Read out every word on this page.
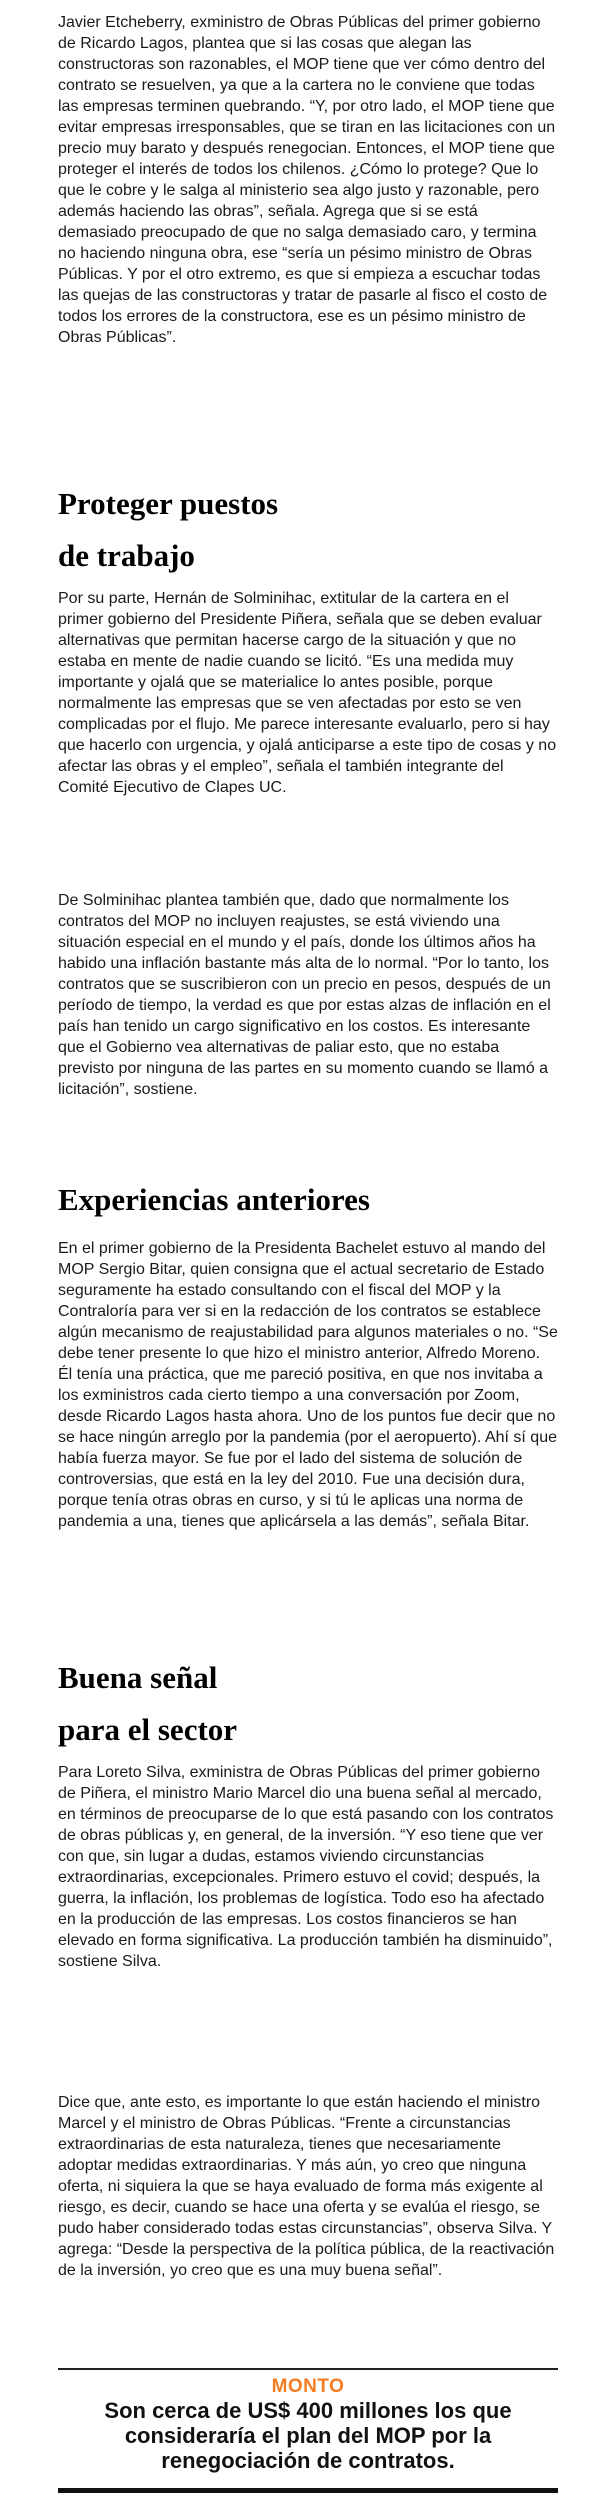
Javier Etcheberry, exministro de Obras Públicas del primer gobierno de Ricardo Lagos, plantea que si las cosas que alegan las constructoras son razonables, el MOP tiene que ver cómo dentro del contrato se resuelven, ya que a la cartera no le conviene que todas las empresas terminen quebrando. “Y, por otro lado, el MOP tiene que evitar empresas irresponsables, que se tiran en las licitaciones con un precio muy barato y después renegocian. Entonces, el MOP tiene que proteger el interés de todos los chilenos. ¿Cómo lo protege? Que lo que le cobre y le salga al ministerio sea algo justo y razonable, pero además haciendo las obras”, señala. Agrega que si se está demasiado preocupado de que no salga demasiado caro, y termina no haciendo ninguna obra, ese “sería un pésimo ministro de Obras Públicas. Y por el otro extremo, es que si empieza a escuchar todas las quejas de las constructoras y tratar de pasarle al fisco el costo de todos los errores de la constructora, ese es un pésimo ministro de Obras Públicas”.

Proteger puestos
de trabajo

Por su parte, Hernán de Solminihac, extitular de la cartera en el primer gobierno del Presidente Piñera, señala que se deben evaluar alternativas que permitan hacerse cargo de la situación y que no estaba en mente de nadie cuando se licitó. “Es una medida muy importante y ojalá que se materialice lo antes posible, porque normalmente las empresas que se ven afectadas por esto se ven complicadas por el flujo. Me parece interesante evaluarlo, pero si hay que hacerlo con urgencia, y ojalá anticiparse a este tipo de cosas y no afectar las obras y el empleo”, señala el también integrante del Comité Ejecutivo de Clapes UC.

De Solminihac plantea también que, dado que normalmente los contratos del MOP no incluyen reajustes, se está viviendo una situación especial en el mundo y el país, donde los últimos años ha habido una inflación bastante más alta de lo normal. “Por lo tanto, los contratos que se suscribieron con un precio en pesos, después de un período de tiempo, la verdad es que por estas alzas de inflación en el país han tenido un cargo significativo en los costos. Es interesante que el Gobierno vea alternativas de paliar esto, que no estaba previsto por ninguna de las partes en su momento cuando se llamó a licitación”, sostiene.

Experiencias anteriores

En el primer gobierno de la Presidenta Bachelet estuvo al mando del MOP Sergio Bitar, quien consigna que el actual secretario de Estado seguramente ha estado consultando con el fiscal del MOP y la Contraloría para ver si en la redacción de los contratos se establece algún mecanismo de reajustabilidad para algunos materiales o no. “Se debe tener presente lo que hizo el ministro anterior, Alfredo Moreno. Él tenía una práctica, que me pareció positiva, en que nos invitaba a los exministros cada cierto tiempo a una conversación por Zoom, desde Ricardo Lagos hasta ahora. Uno de los puntos fue decir que no se hace ningún arreglo por la pandemia (por el aeropuerto). Ahí sí que había fuerza mayor. Se fue por el lado del sistema de solución de controversias, que está en la ley del 2010. Fue una decisión dura, porque tenía otras obras en curso, y si tú le aplicas una norma de pandemia a una, tienes que aplicársela a las demás”, señala Bitar.

Buena señal
para el sector

Para Loreto Silva, exministra de Obras Públicas del primer gobierno de Piñera, el ministro Mario Marcel dio una buena señal al mercado, en términos de preocuparse de lo que está pasando con los contratos de obras públicas y, en general, de la inversión. “Y eso tiene que ver con que, sin lugar a dudas, estamos viviendo circunstancias extraordinarias, excepcionales. Primero estuvo el covid; después, la guerra, la inflación, los problemas de logística. Todo eso ha afectado en la producción de las empresas. Los costos financieros se han elevado en forma significativa. La producción también ha disminuido”, sostiene Silva.

Dice que, ante esto, es importante lo que están haciendo el ministro Marcel y el ministro de Obras Públicas. “Frente a circunstancias extraordinarias de esta naturaleza, tienes que necesariamente adoptar medidas extraordinarias. Y más aún, yo creo que ninguna oferta, ni siquiera la que se haya evaluado de forma más exigente al riesgo, es decir, cuando se hace una oferta y se evalúa el riesgo, se pudo haber considerado todas estas circunstancias”, observa Silva. Y agrega: “Desde la perspectiva de la política pública, de la reactivación de la inversión, yo creo que es una muy buena señal”.

MONTO
Son cerca de US$ 400 millones los que consideraría el plan del MOP por la renegociación de contratos.
